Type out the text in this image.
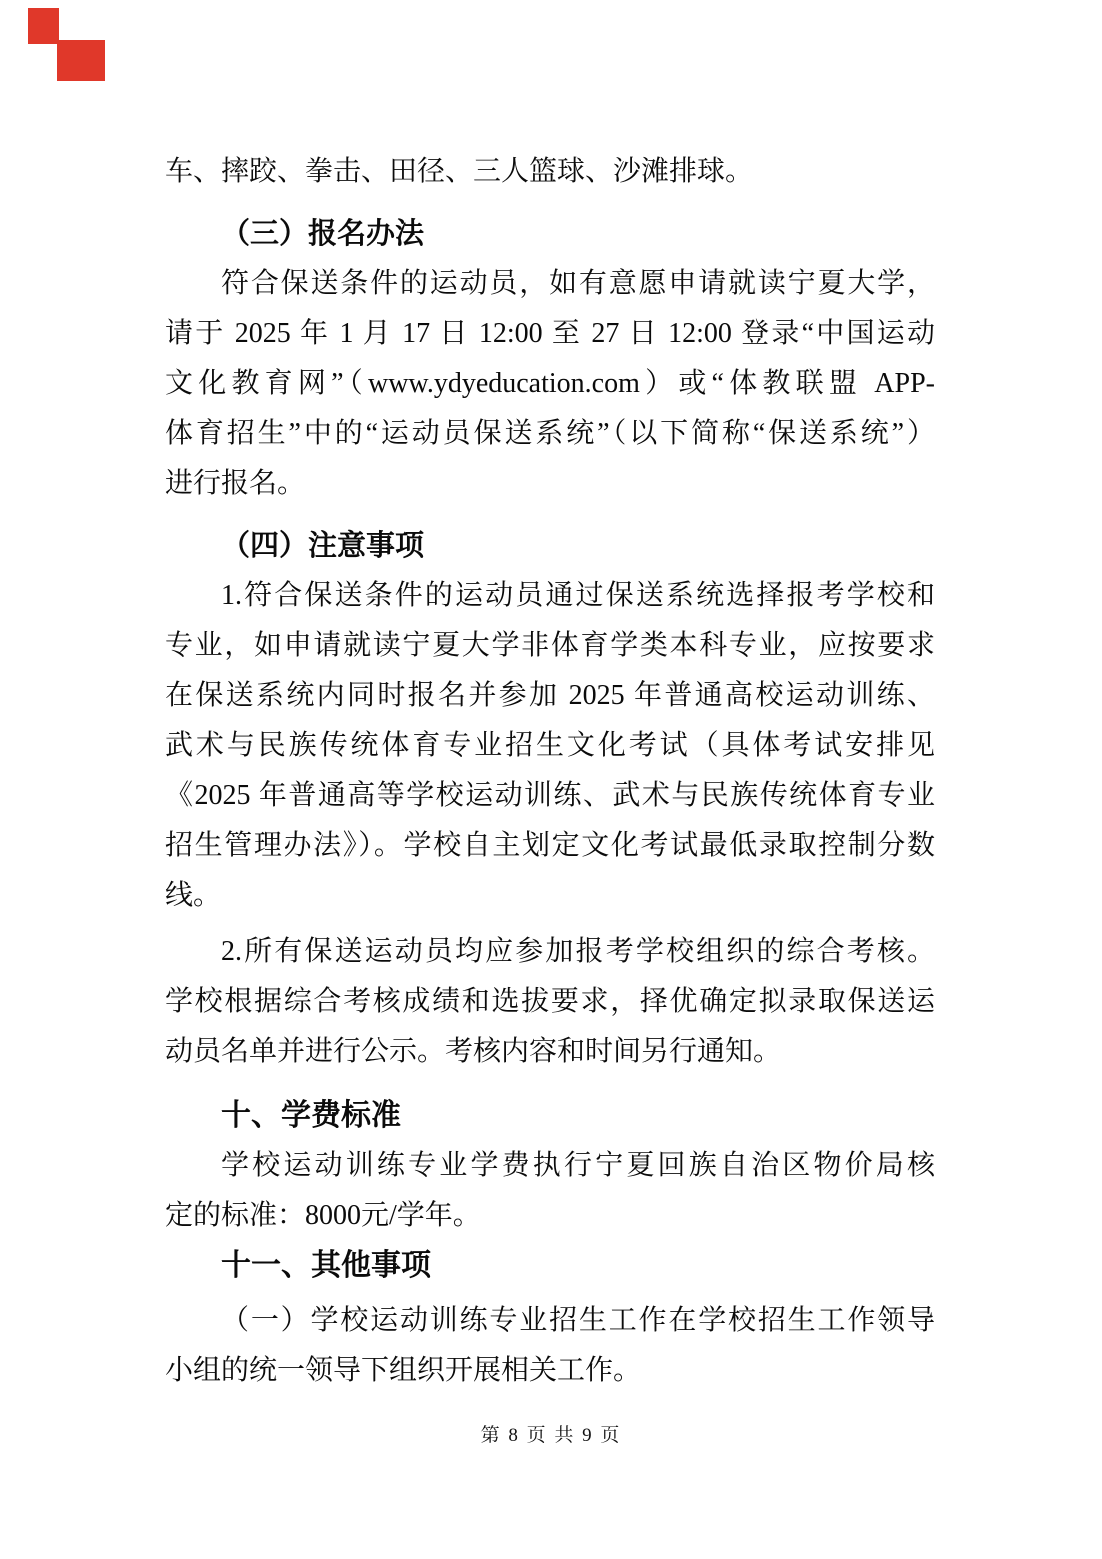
车、摔跤、拳击、田径、三人篮球、沙滩排球。
（三）报名办法
符合保送条件的运动员，如有意愿申请就读宁夏大学，
请于 2025 年 1 月 17 日 12:00 至 27 日 12:00 登录“中国运动
文化教育网”（www.ydyeducation.com）或“体教联盟 APP-
体育招生”中的“运动员保送系统”（以下简称“保送系统”）
进行报名。
（四）注意事项
1.符合保送条件的运动员通过保送系统选择报考学校和
专业，如申请就读宁夏大学非体育学类本科专业，应按要求
在保送系统内同时报名并参加 2025 年普通高校运动训练、
武术与民族传统体育专业招生文化考试（具体考试安排见
《2025 年普通高等学校运动训练、武术与民族传统体育专业
招生管理办法》）。学校自主划定文化考试最低录取控制分数
线。
2.所有保送运动员均应参加报考学校组织的综合考核。
学校根据综合考核成绩和选拔要求，择优确定拟录取保送运
动员名单并进行公示。考核内容和时间另行通知。
十、学费标准
学校运动训练专业学费执行宁夏回族自治区物价局核
定的标准：8000元/学年。
十一、其他事项
（一）学校运动训练专业招生工作在学校招生工作领导
小组的统一领导下组织开展相关工作。
第 8 页 共 9 页
